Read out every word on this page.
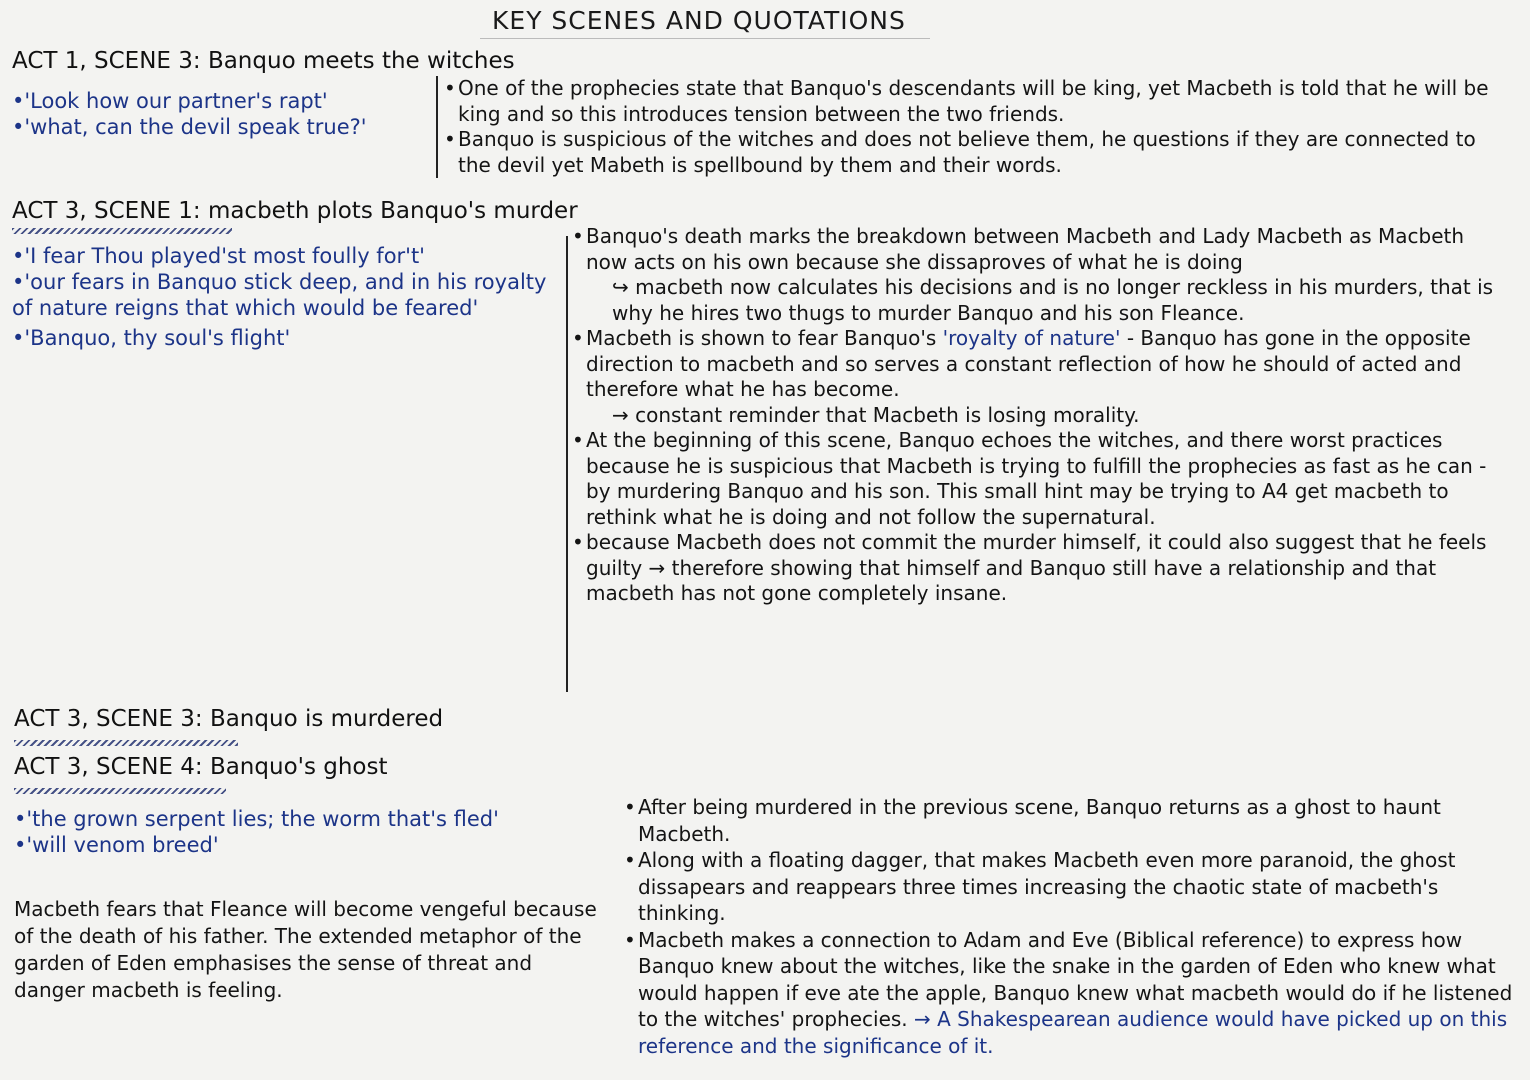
KEY SCENES AND QUOTATIONS
ACT 1, SCENE 3: Banquo meets the witches
•'Look how our partner's rapt'
•'what, can the devil speak true?'
• One of the prophecies state that Banquo's descendants will be king, yet Macbeth is told that he will be king and so this introduces tension between the two friends.
• Banquo is suspicious of the witches and does not believe them, he questions if they are connected to the devil yet Mabeth is spellbound by them and their words.
ACT 3, SCENE 1: macbeth plots Banquo's murder
•'I fear Thou played'st most foully for't'
•'our fears in Banquo stick deep, and in his royalty of nature reigns that which would be feared'
•'Banquo, thy soul's flight'
• Banquo's death marks the breakdown between Macbeth and Lady Macbeth as Macbeth now acts on his own because she dissaproves of what he is doing
↪ macbeth now calculates his decisions and is no longer reckless in his murders, that is why he hires two thugs to murder Banquo and his son Fleance.
• Macbeth is shown to fear Banquo's 'royalty of nature' - Banquo has gone in the opposite direction to macbeth and so serves a constant reflection of how he should of acted and therefore what he has become.
→ constant reminder that Macbeth is losing morality.
• At the beginning of this scene, Banquo echoes the witches, and there worst practices because he is suspicious that Macbeth is trying to fulfill the prophecies as fast as he can - by murdering Banquo and his son. This small hint may be trying to A4 get macbeth to rethink what he is doing and not follow the supernatural.
• because Macbeth does not commit the murder himself, it could also suggest that he feels guilty → therefore showing that himself and Banquo still have a relationship and that macbeth has not gone completely insane.
ACT 3, SCENE 3: Banquo is murdered
ACT 3, SCENE 4: Banquo's ghost
•'the grown serpent lies; the worm that's fled'
•'will venom breed'
Macbeth fears that Fleance will become vengeful because of the death of his father. The extended metaphor of the garden of Eden emphasises the sense of threat and danger macbeth is feeling.
• After being murdered in the previous scene, Banquo returns as a ghost to haunt Macbeth.
• Along with a floating dagger, that makes Macbeth even more paranoid, the ghost dissapears and reappears three times increasing the chaotic state of macbeth's thinking.
• Macbeth makes a connection to Adam and Eve (Biblical reference) to express how Banquo knew about the witches, like the snake in the garden of Eden who knew what would happen if eve ate the apple, Banquo knew what macbeth would do if he listened to the witches' prophecies. → A Shakespearean audience would have picked up on this reference and the significance of it.
